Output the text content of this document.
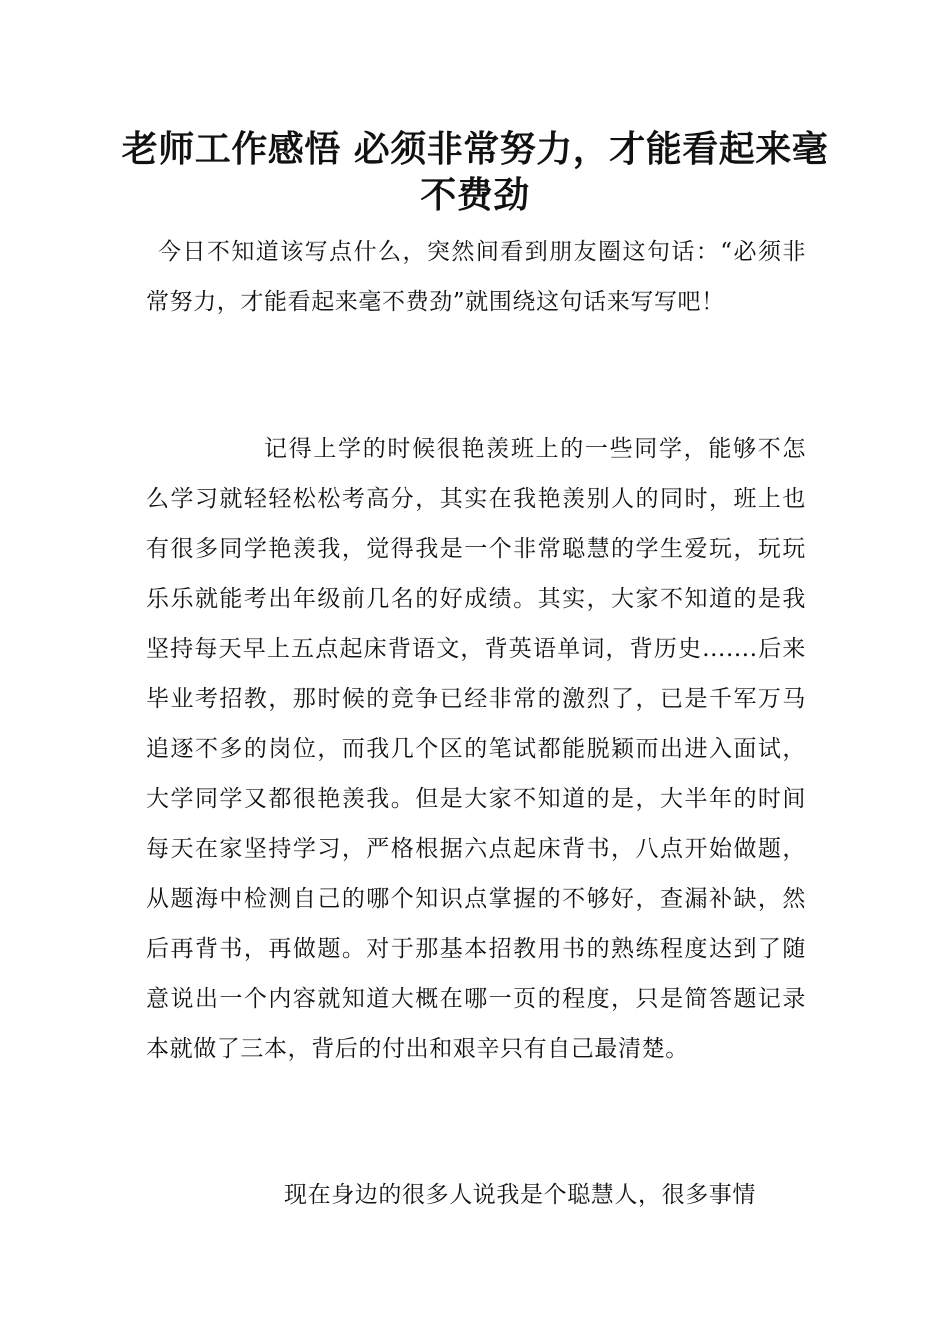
老师工作感悟 必须非常努力，才能看起来毫不费劲

今日不知道该写点什么，突然间看到朋友圈这句话：“必须非常努力，才能看起来毫不费劲”就围绕这句话来写写吧！

记得上学的时候很艳羡班上的一些同学，能够不怎么学习就轻轻松松考高分，其实在我艳羡别人的同时，班上也有很多同学艳羡我，觉得我是一个非常聪慧的学生爱玩，玩玩乐乐就能考出年级前几名的好成绩。其实，大家不知道的是我坚持每天早上五点起床背语文，背英语单词，背历史.......后来毕业考招教，那时候的竞争已经非常的激烈了，已是千军万马追逐不多的岗位，而我几个区的笔试都能脱颖而出进入面试，大学同学又都很艳羡我。但是大家不知道的是，大半年的时间每天在家坚持学习，严格根据六点起床背书，八点开始做题，从题海中检测自己的哪个知识点掌握的不够好，查漏补缺，然后再背书，再做题。对于那基本招教用书的熟练程度达到了随意说出一个内容就知道大概在哪一页的程度，只是简答题记录本就做了三本，背后的付出和艰辛只有自己最清楚。

现在身边的很多人说我是个聪慧人，很多事情
